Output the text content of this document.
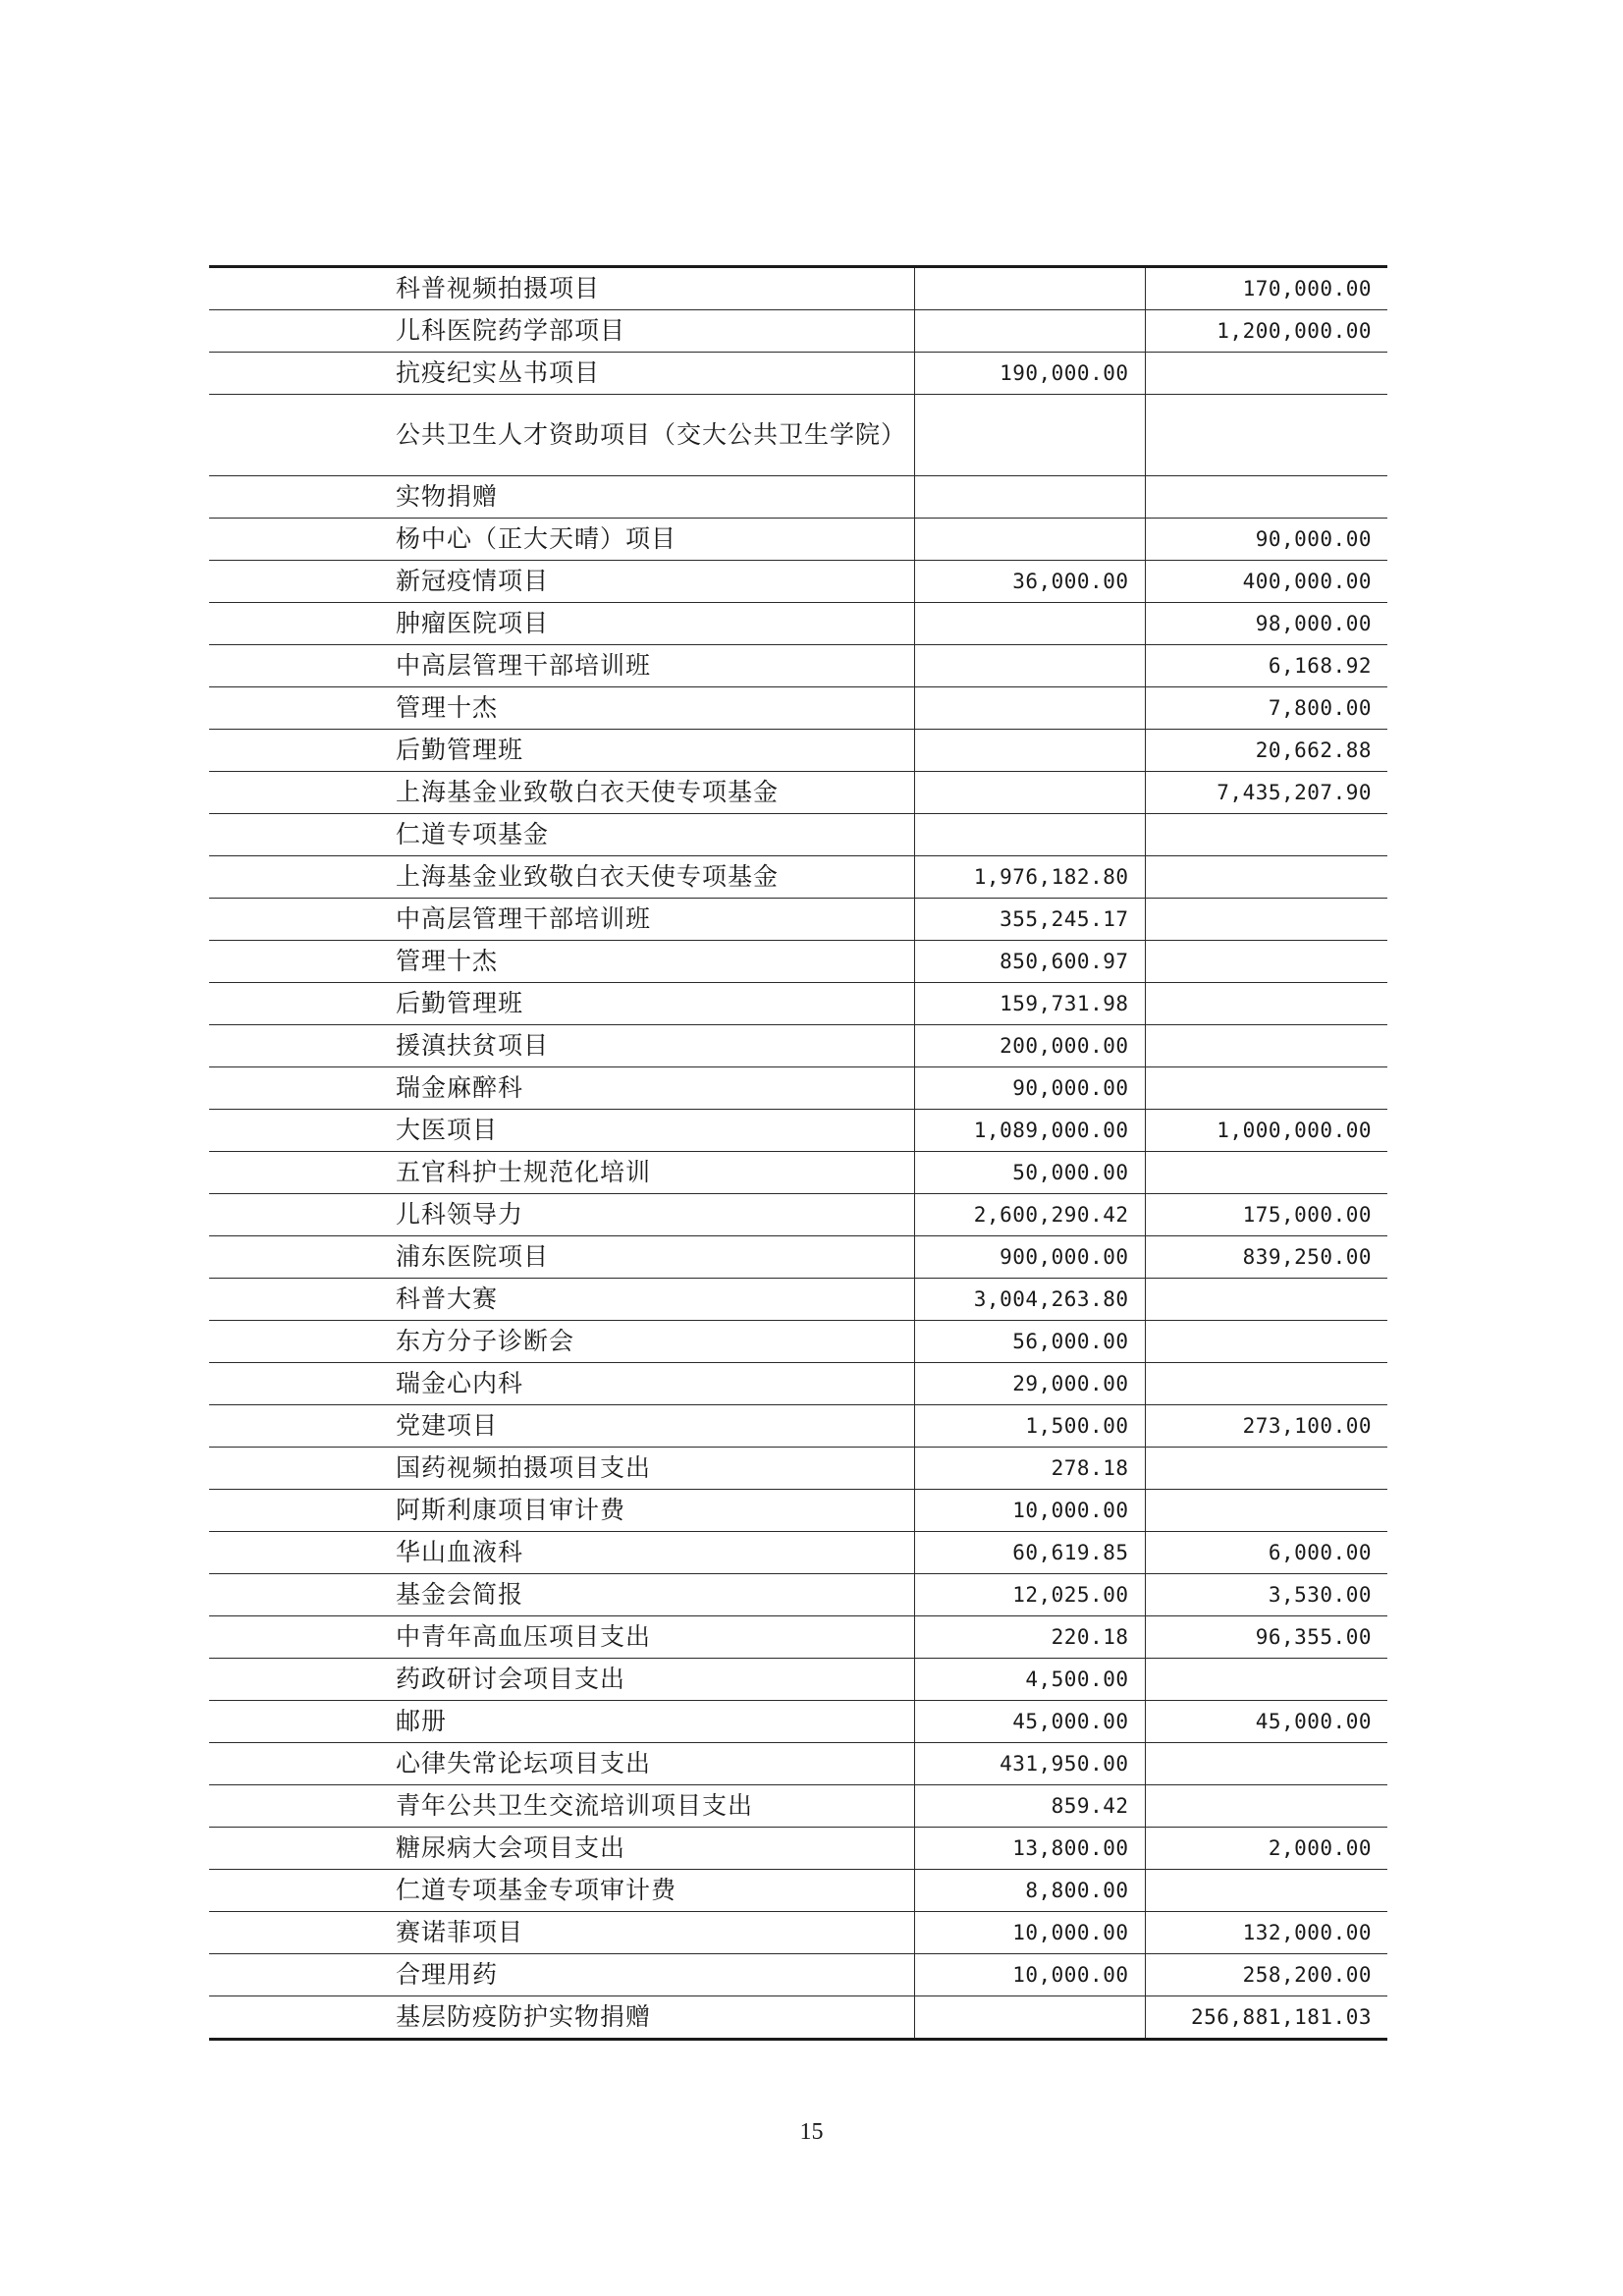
科普视频拍摄项目		170,000.00
儿科医院药学部项目		1,200,000.00
抗疫纪实丛书项目	190,000.00	
公共卫生人才资助项目（交大公共卫生学院）		
实物捐赠		
杨中心（正大天晴）项目		90,000.00
新冠疫情项目	36,000.00	400,000.00
肿瘤医院项目		98,000.00
中高层管理干部培训班		6,168.92
管理十杰		7,800.00
后勤管理班		20,662.88
上海基金业致敬白衣天使专项基金		7,435,207.90
仁道专项基金		
上海基金业致敬白衣天使专项基金	1,976,182.80	
中高层管理干部培训班	355,245.17	
管理十杰	850,600.97	
后勤管理班	159,731.98	
援滇扶贫项目	200,000.00	
瑞金麻醉科	90,000.00	
大医项目	1,089,000.00	1,000,000.00
五官科护士规范化培训	50,000.00	
儿科领导力	2,600,290.42	175,000.00
浦东医院项目	900,000.00	839,250.00
科普大赛	3,004,263.80	
东方分子诊断会	56,000.00	
瑞金心内科	29,000.00	
党建项目	1,500.00	273,100.00
国药视频拍摄项目支出	278.18	
阿斯利康项目审计费	10,000.00	
华山血液科	60,619.85	6,000.00
基金会简报	12,025.00	3,530.00
中青年高血压项目支出	220.18	96,355.00
药政研讨会项目支出	4,500.00	
邮册	45,000.00	45,000.00
心律失常论坛项目支出	431,950.00	
青年公共卫生交流培训项目支出	859.42	
糖尿病大会项目支出	13,800.00	2,000.00
仁道专项基金专项审计费	8,800.00	
赛诺菲项目	10,000.00	132,000.00
合理用药	10,000.00	258,200.00
基层防疫防护实物捐赠		256,881,181.03
15
